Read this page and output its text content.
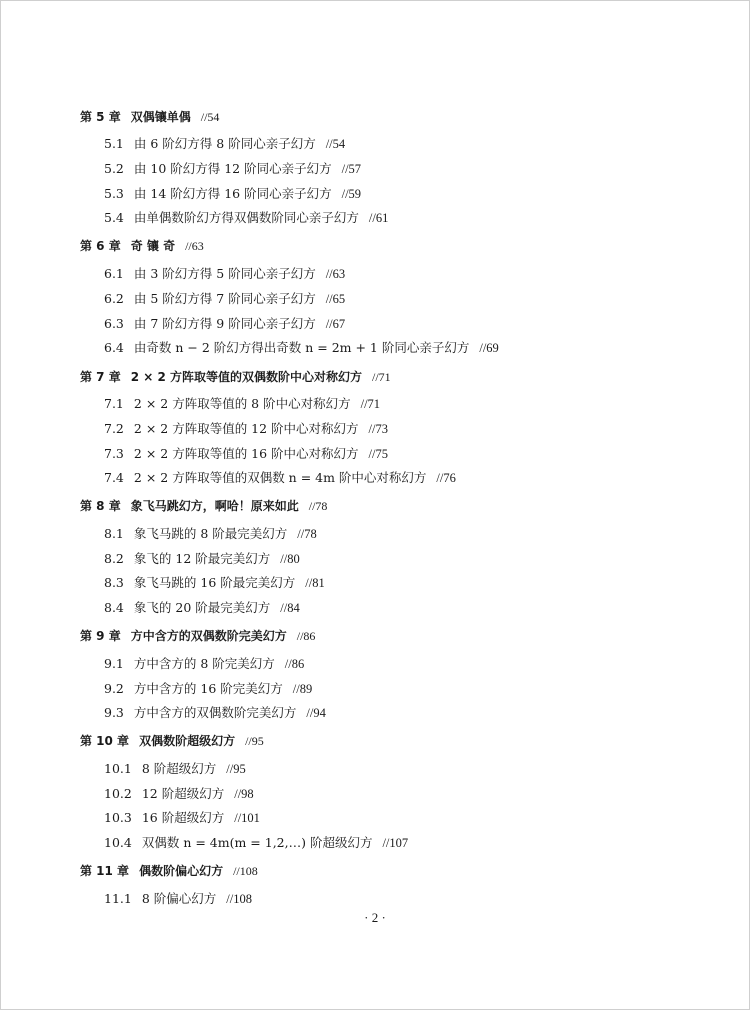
第 5 章 双偶镶单偶 //54
5.1 由 6 阶幻方得 8 阶同心亲子幻方 //54
5.2 由 10 阶幻方得 12 阶同心亲子幻方 //57
5.3 由 14 阶幻方得 16 阶同心亲子幻方 //59
5.4 由单偶数阶幻方得双偶数阶同心亲子幻方 //61
第 6 章 奇 镶 奇 //63
6.1 由 3 阶幻方得 5 阶同心亲子幻方 //63
6.2 由 5 阶幻方得 7 阶同心亲子幻方 //65
6.3 由 7 阶幻方得 9 阶同心亲子幻方 //67
6.4 由奇数 n − 2 阶幻方得出奇数 n = 2m + 1 阶同心亲子幻方 //69
第 7 章 2 × 2 方阵取等值的双偶数阶中心对称幻方 //71
7.1 2 × 2 方阵取等值的 8 阶中心对称幻方 //71
7.2 2 × 2 方阵取等值的 12 阶中心对称幻方 //73
7.3 2 × 2 方阵取等值的 16 阶中心对称幻方 //75
7.4 2 × 2 方阵取等值的双偶数 n = 4m 阶中心对称幻方 //76
第 8 章 象飞马跳幻方，啊哈！原来如此 //78
8.1 象飞马跳的 8 阶最完美幻方 //78
8.2 象飞的 12 阶最完美幻方 //80
8.3 象飞马跳的 16 阶最完美幻方 //81
8.4 象飞的 20 阶最完美幻方 //84
第 9 章 方中含方的双偶数阶完美幻方 //86
9.1 方中含方的 8 阶完美幻方 //86
9.2 方中含方的 16 阶完美幻方 //89
9.3 方中含方的双偶数阶完美幻方 //94
第 10 章 双偶数阶超级幻方 //95
10.1 8 阶超级幻方 //95
10.2 12 阶超级幻方 //98
10.3 16 阶超级幻方 //101
10.4 双偶数 n = 4m(m = 1,2,…) 阶超级幻方 //107
第 11 章 偶数阶偏心幻方 //108
11.1 8 阶偏心幻方 //108
· 2 ·
